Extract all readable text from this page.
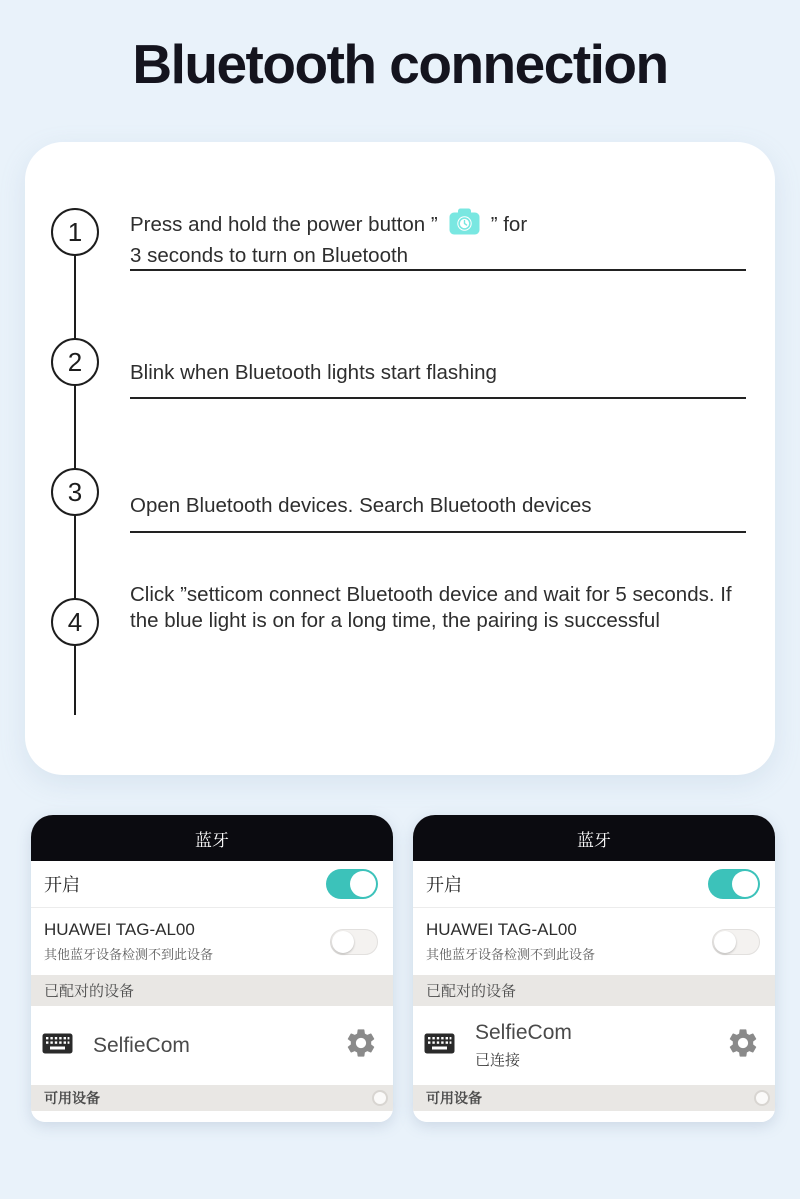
Bluetooth connection
1
2
3
4
Press and hold the power button ”	” for
3 seconds to turn on Bluetooth
Blink when Bluetooth lights start flashing
Open Bluetooth devices. Search Bluetooth devices
Click ”setticom connect Bluetooth device and wait for 5 seconds. If the blue light is on for a long time, the pairing is successful
蓝牙
开启
HUAWEI TAG-AL00
其他蓝牙设备检测不到此设备
已配对的设备
SelfieCom
可用设备
蓝牙
开启
HUAWEI TAG-AL00
其他蓝牙设备检测不到此设备
已配对的设备
SelfieCom
已连接
可用设备
